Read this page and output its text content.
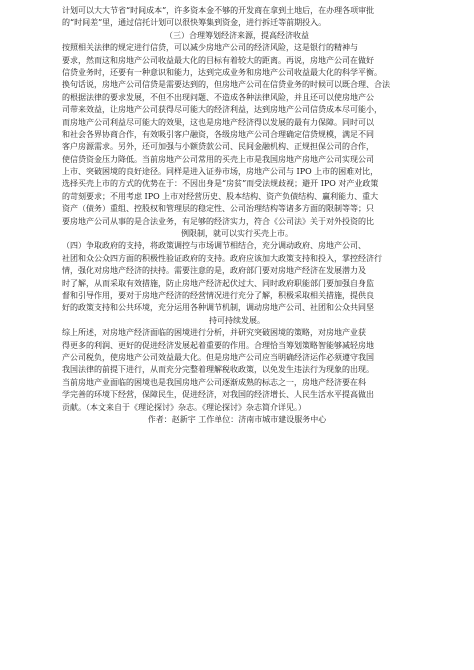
计划可以大大节省“时间成本”，许多资本金不够的开发商在拿到土地后，在办理各项审批
的“时间差”里，通过信托计划可以很快筹集到资金，进行拆迁等前期投入。
（三）合理筹划经济来源，提高经济收益
按照相关法律的规定进行信贷，可以减少房地产公司的经济风险，这是银行的精神与
要求，然而这和房地产公司收益最大化的目标有着较大的距离。再说，房地产公司在做好
信贷业务时，还要有一种意识和能力，达到完成业务和房地产公司收益最大化的科学平衡。
换句话说，房地产公司信贷是需要达到的，但房地产公司在信贷业务的时候可以既合理、合法
的根据法律的要求发展，不但不出现问题、不造成各种法律风险，并且还可以使房地产公
司带来效益，让房地产公司获得尽可能大的经济利益，达到房地产公司信贷成本尽可能小，
而房地产公司利益尽可能大的效果，这也是房地产经济得以发展的最有力保障。同时可以
和社会各界协商合作，有效吸引客户融资，各级房地产公司合理确定信贷规模，满足不同
客户房源需求。另外，还可加强与小额贷款公司、民间金融机构、正规担保公司的合作，
使信贷资金压力降低。当前房地产公司常用的买壳上市是我国房地产房地产公司实现公司
上市、突破困境的良好途径。同样是进入证券市场，房地产公司与 IPO 上市的困难对比，
选择买壳上市的方式的优势在于：不因出身是“房贫”而受法规歧视；避开 IPO 对产业政策
的苛刻要求；不用考虑 IPO 上市对经营历史、股本结构、资产负债结构、赢利能力、重大
资产（债务）重组、控股权和管理层的稳定性、公司治理结构等诸多方面的限制等等；只
要房地产公司从事的是合法业务，有足够的经济实力，符合《公司法》关于对外投资的比
例限制，就可以实行买壳上市。
（四）争取政府的支持，将政策调控与市场调节相结合，充分调动政府、房地产公司、
社团和众公众四方面的积极性验证政府的支持。政府应该加大政策支持和投入，掌控经济行
情，强化对房地产经济的扶持。需要注意的是，政府部门要对房地产经济在发展潜力及
时了解，从而采取有效措施，防止房地产经济起伏过大、同时政府职能部门要加强自身监
督和引导作用，要对于房地产经济的经营情况进行充分了解，积极采取相关措施，提供良
好的政策支持和公共环境，充分运用各种调节机制，调动房地产公司、社团和公众共同坚
持可持续发展。
综上所述，对房地产经济面临的困境进行分析，并研究突破困境的策略，对房地产业获
得更多的利润、更好的促进经济发展起着重要的作用。合理恰当筹划策略智能够减轻房地
产公司税负，使房地产公司效益最大化。但是房地产公司应当明确经济运作必须遵守我国
我国法律的前提下进行，从而充分完整着理解税收政策，以免发生违法行为现象的出现。
当前房地产业面临的困境也是我国房地产公司逐渐成熟的标志之一，房地产经济要在科
学完善的环境下经营，保障民生，促进经济，对我国的经济增长、人民生活水平提高做出
贡献。（本文来自于《理论探讨》杂志。《理论探讨》杂志简介详见。）
作者：赵新宇 工作单位：济南市城市建设服务中心
